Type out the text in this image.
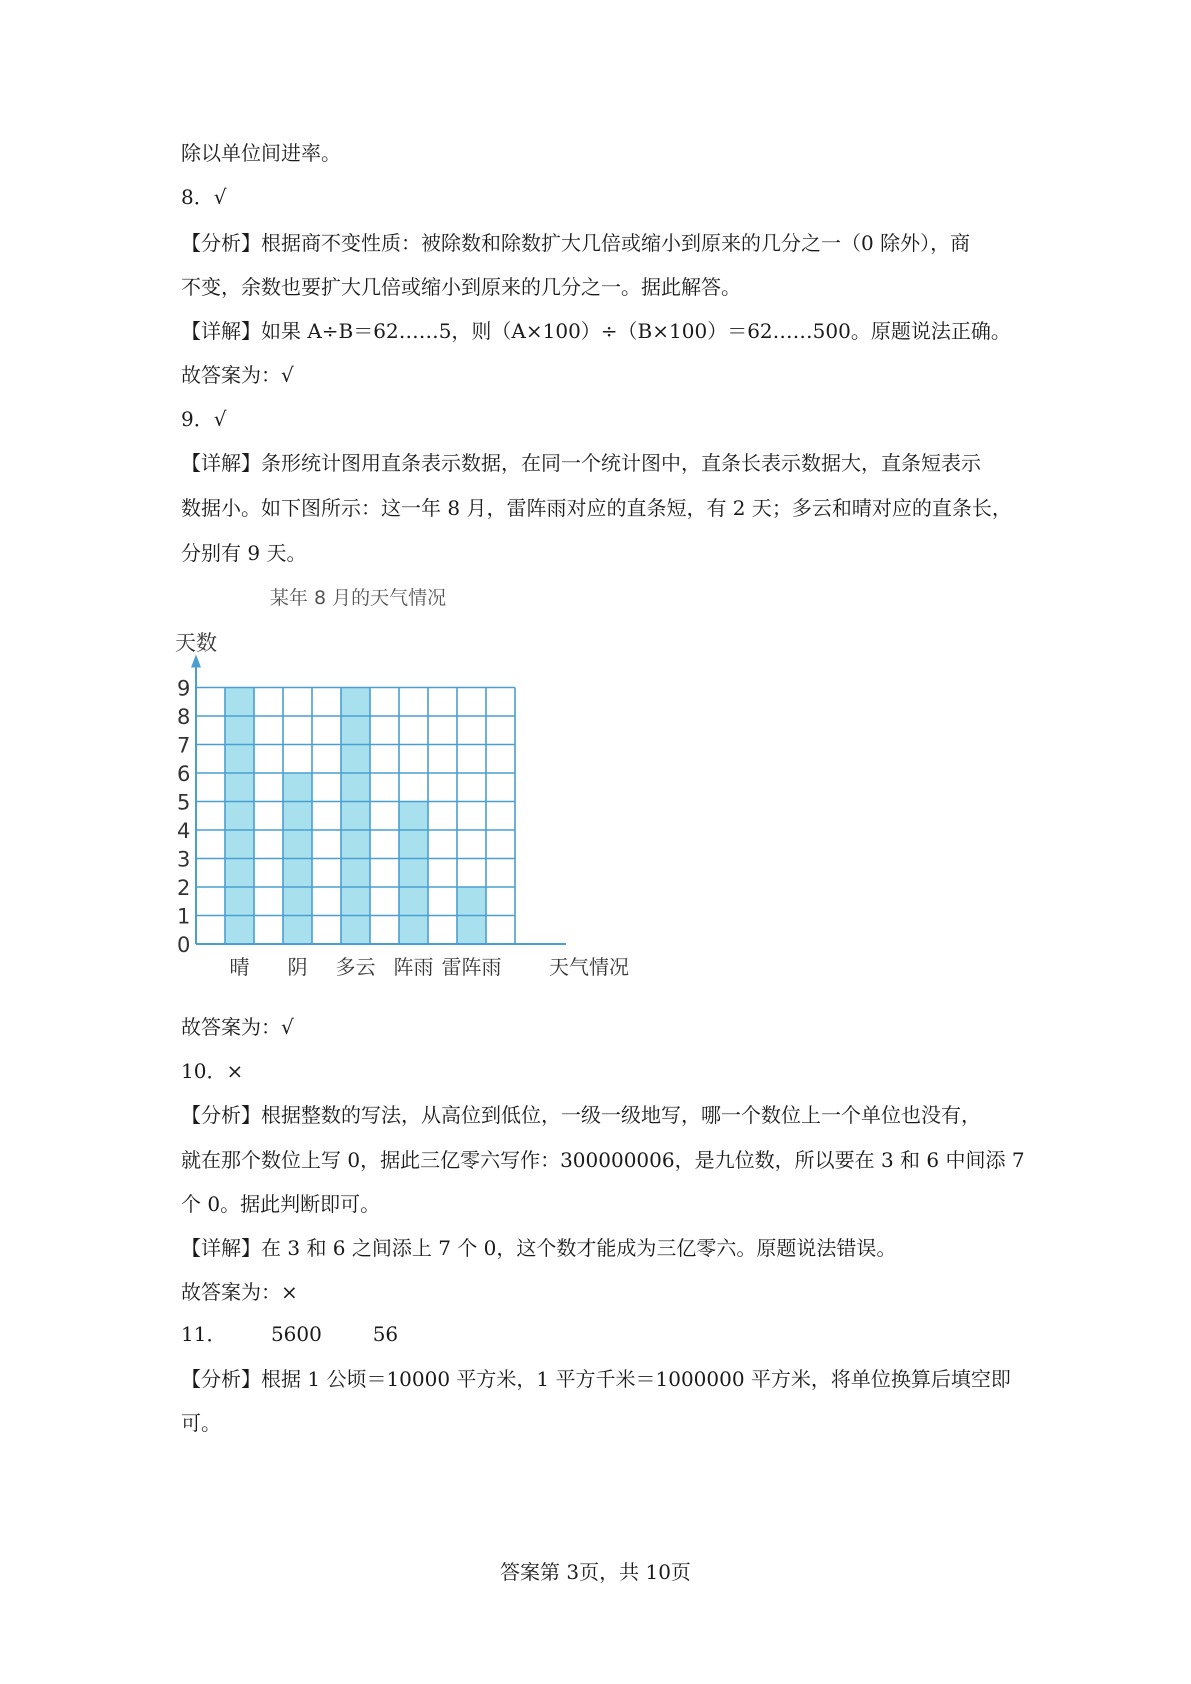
除以单位间进率。
8．√
【分析】根据商不变性质：被除数和除数扩大几倍或缩小到原来的几分之一（0 除外），商
不变，余数也要扩大几倍或缩小到原来的几分之一。据此解答。
【详解】如果 A÷B＝62……5，则（A×100）÷（B×100）＝62……500。原题说法正确。
故答案为：√
9．√
【详解】条形统计图用直条表示数据，在同一个统计图中，直条长表示数据大，直条短表示
数据小。如下图所示：这一年 8 月，雷阵雨对应的直条短，有 2 天；多云和晴对应的直条长，
分别有 9 天。
某年 8 月的天气情况
天数
0
1
2
3
4
5
6
7
8
9
晴 阴 多云 阵雨 雷阵雨 天气情况
故答案为：√
10．×
【分析】根据整数的写法，从高位到低位，一级一级地写，哪一个数位上一个单位也没有，
就在那个数位上写 0，据此三亿零六写作：300000006，是九位数，所以要在 3 和 6 中间添 7
个 0。据此判断即可。
【详解】在 3 和 6 之间添上 7 个 0，这个数才能成为三亿零六。原题说法错误。
故答案为：×
11．       5600        56
【分析】根据 1 公顷＝10000 平方米，1 平方千米＝1000000 平方米，将单位换算后填空即
可。
答案第 3页，共 10页
